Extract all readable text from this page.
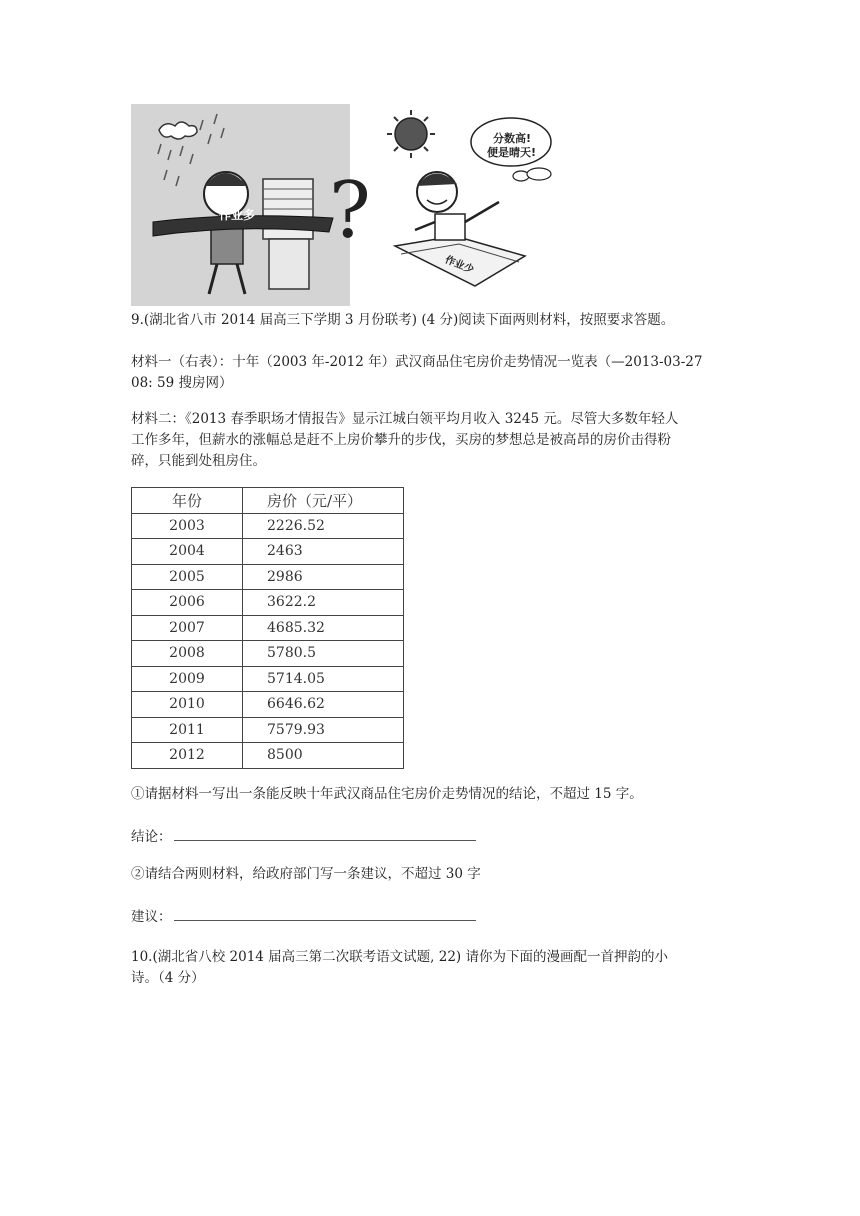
作业多 ?
分数高!
便是晴天!
作业少
9.(湖北省八市 2014 届高三下学期 3 月份联考) (4 分)阅读下面两则材料，按照要求答题。
材料一（右表）：十年（2003 年-2012 年）武汉商品住宅房价走势情况一览表（—2013-03-27
08: 59 搜房网）
材料二：《2013 春季职场才情报告》显示江城白领平均月收入 3245 元。尽管大多数年轻人
工作多年，但薪水的涨幅总是赶不上房价攀升的步伐，买房的梦想总是被高昂的房价击得粉
碎，只能到处租房住。
年份	房价（元/平）
2003	2226.52
2004	2463
2005	2986
2006	3622.2
2007	4685.32
2008	5780.5
2009	5714.05
2010	6646.62
2011	7579.93
2012	8500
①请据材料一写出一条能反映十年武汉商品住宅房价走势情况的结论，不超过 15 字。
结论：
②请结合两则材料，给政府部门写一条建议，不超过 30 字
建议：
10.(湖北省八校 2014 届高三第二次联考语文试题, 22) 请你为下面的漫画配一首押韵的小
诗。（4 分）
